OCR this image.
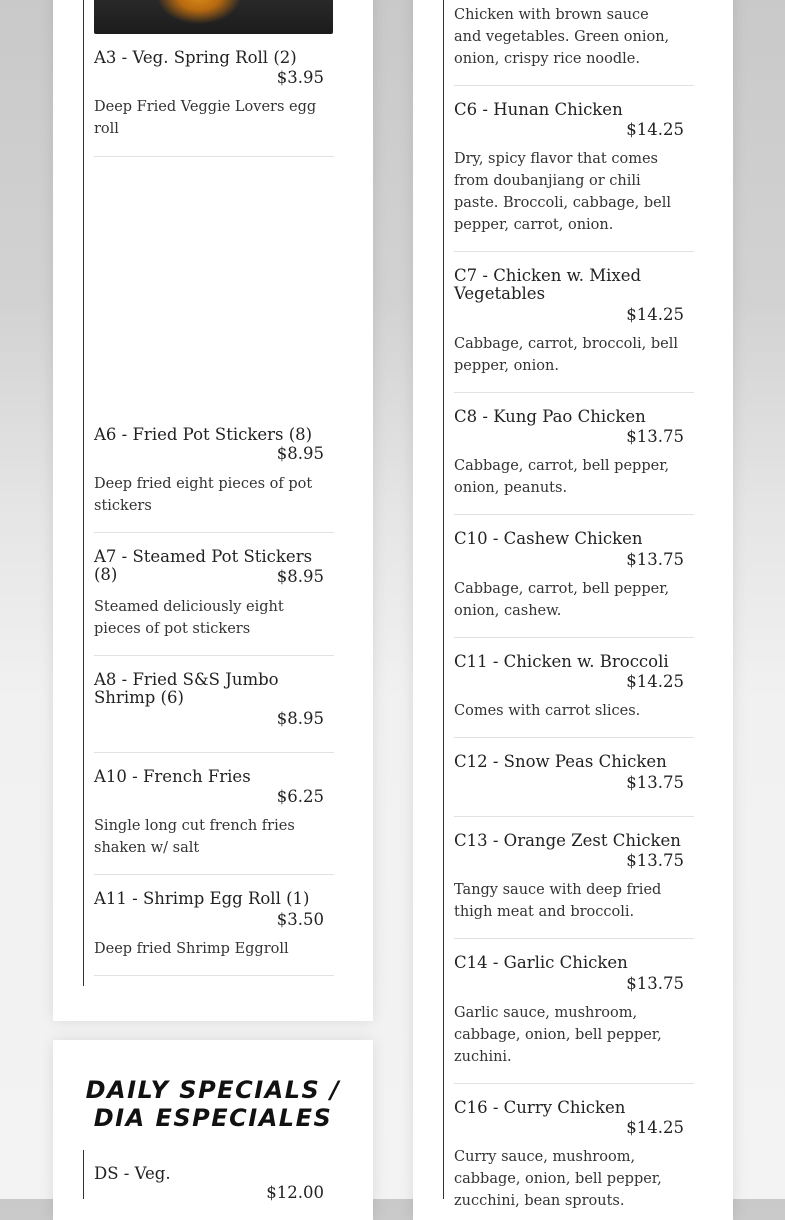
A3 - Veg. Spring Roll (2)
$3.95
Deep Fried Veggie Lovers egg roll
A6 - Fried Pot Stickers (8)
$8.95
Deep fried eight pieces of pot stickers
A7 - Steamed Pot Stickers (8)	$8.95
Steamed deliciously eight pieces of pot stickers
A8 - Fried S&S Jumbo Shrimp (6)
$8.95
A10 - French Fries
$6.25
Single long cut french fries shaken w/ salt
A11 - Shrimp Egg Roll (1)
$3.50
Deep fried Shrimp Eggroll
DAILY SPECIALS / DIA ESPECIALES
DS - Veg.
$12.00
Chicken with brown sauce and vegetables. Green onion, onion, crispy rice noodle.
C6 - Hunan Chicken
$14.25
Dry, spicy flavor that comes from doubanjiang or chili paste. Broccoli, cabbage, bell pepper, carrot, onion.
C7 - Chicken w. Mixed Vegetables
$14.25
Cabbage, carrot, broccoli, bell pepper, onion.
C8 - Kung Pao Chicken
$13.75
Cabbage, carrot, bell pepper, onion, peanuts.
C10 - Cashew Chicken
$13.75
Cabbage, carrot, bell pepper, onion, cashew.
C11 - Chicken w. Broccoli
$14.25
Comes with carrot slices.
C12 - Snow Peas Chicken
$13.75
C13 - Orange Zest Chicken
$13.75
Tangy sauce with deep fried thigh meat and broccoli.
C14 - Garlic Chicken
$13.75
Garlic sauce, mushroom, cabbage, onion, bell pepper, zuchini.
C16 - Curry Chicken
$14.25
Curry sauce, mushroom, cabbage, onion, bell pepper, zucchini, bean sprouts.
